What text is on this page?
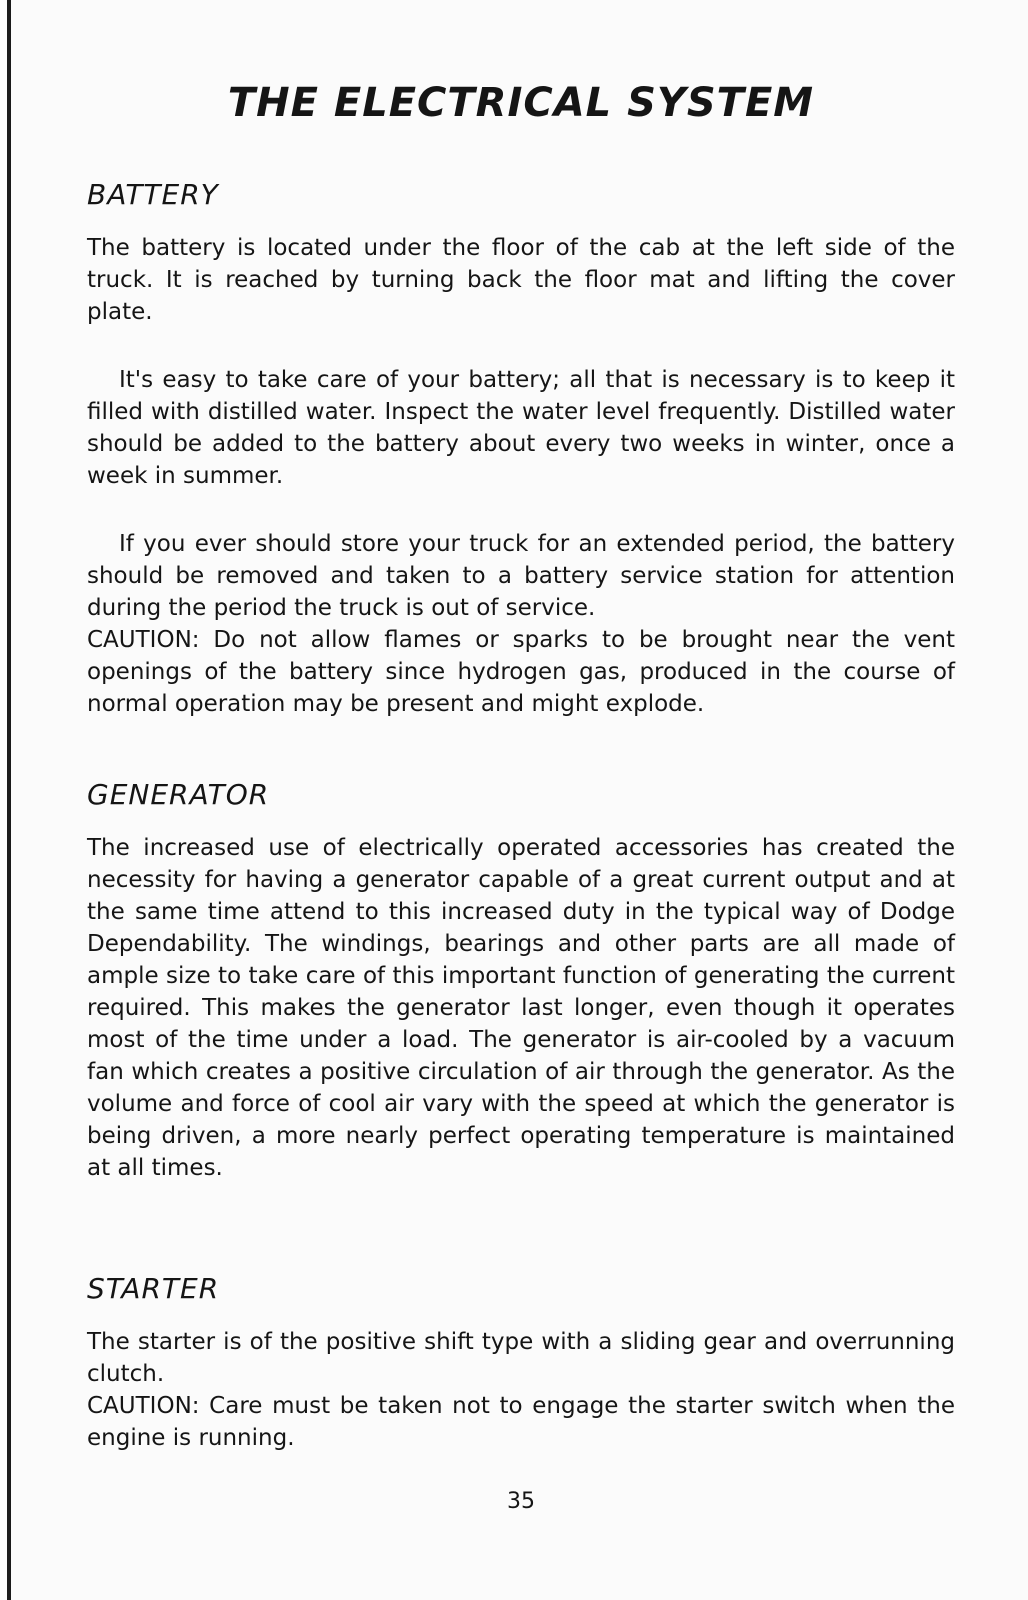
THE ELECTRICAL SYSTEM
BATTERY

The battery is located under the floor of the cab at the left side of the truck. It is reached by turning back the floor mat and lifting the cover plate.

It's easy to take care of your battery; all that is necessary is to keep it filled with distilled water. Inspect the water level frequently. Distilled water should be added to the battery about every two weeks in winter, once a week in summer.

If you ever should store your truck for an extended period, the battery should be removed and taken to a battery service station for attention during the period the truck is out of service.

CAUTION: Do not allow flames or sparks to be brought near the vent openings of the battery since hydrogen gas, produced in the course of normal operation may be present and might explode.

GENERATOR

The increased use of electrically operated accessories has created the necessity for having a generator capable of a great current output and at the same time attend to this increased duty in the typical way of Dodge Dependability. The windings, bearings and other parts are all made of ample size to take care of this important function of generating the current required. This makes the generator last longer, even though it operates most of the time under a load. The generator is air-cooled by a vacuum fan which creates a positive circulation of air through the generator. As the volume and force of cool air vary with the speed at which the generator is being driven, a more nearly perfect operating temperature is maintained at all times.

STARTER

The starter is of the positive shift type with a sliding gear and overrunning clutch.

CAUTION: Care must be taken not to engage the starter switch when the engine is running.

35
